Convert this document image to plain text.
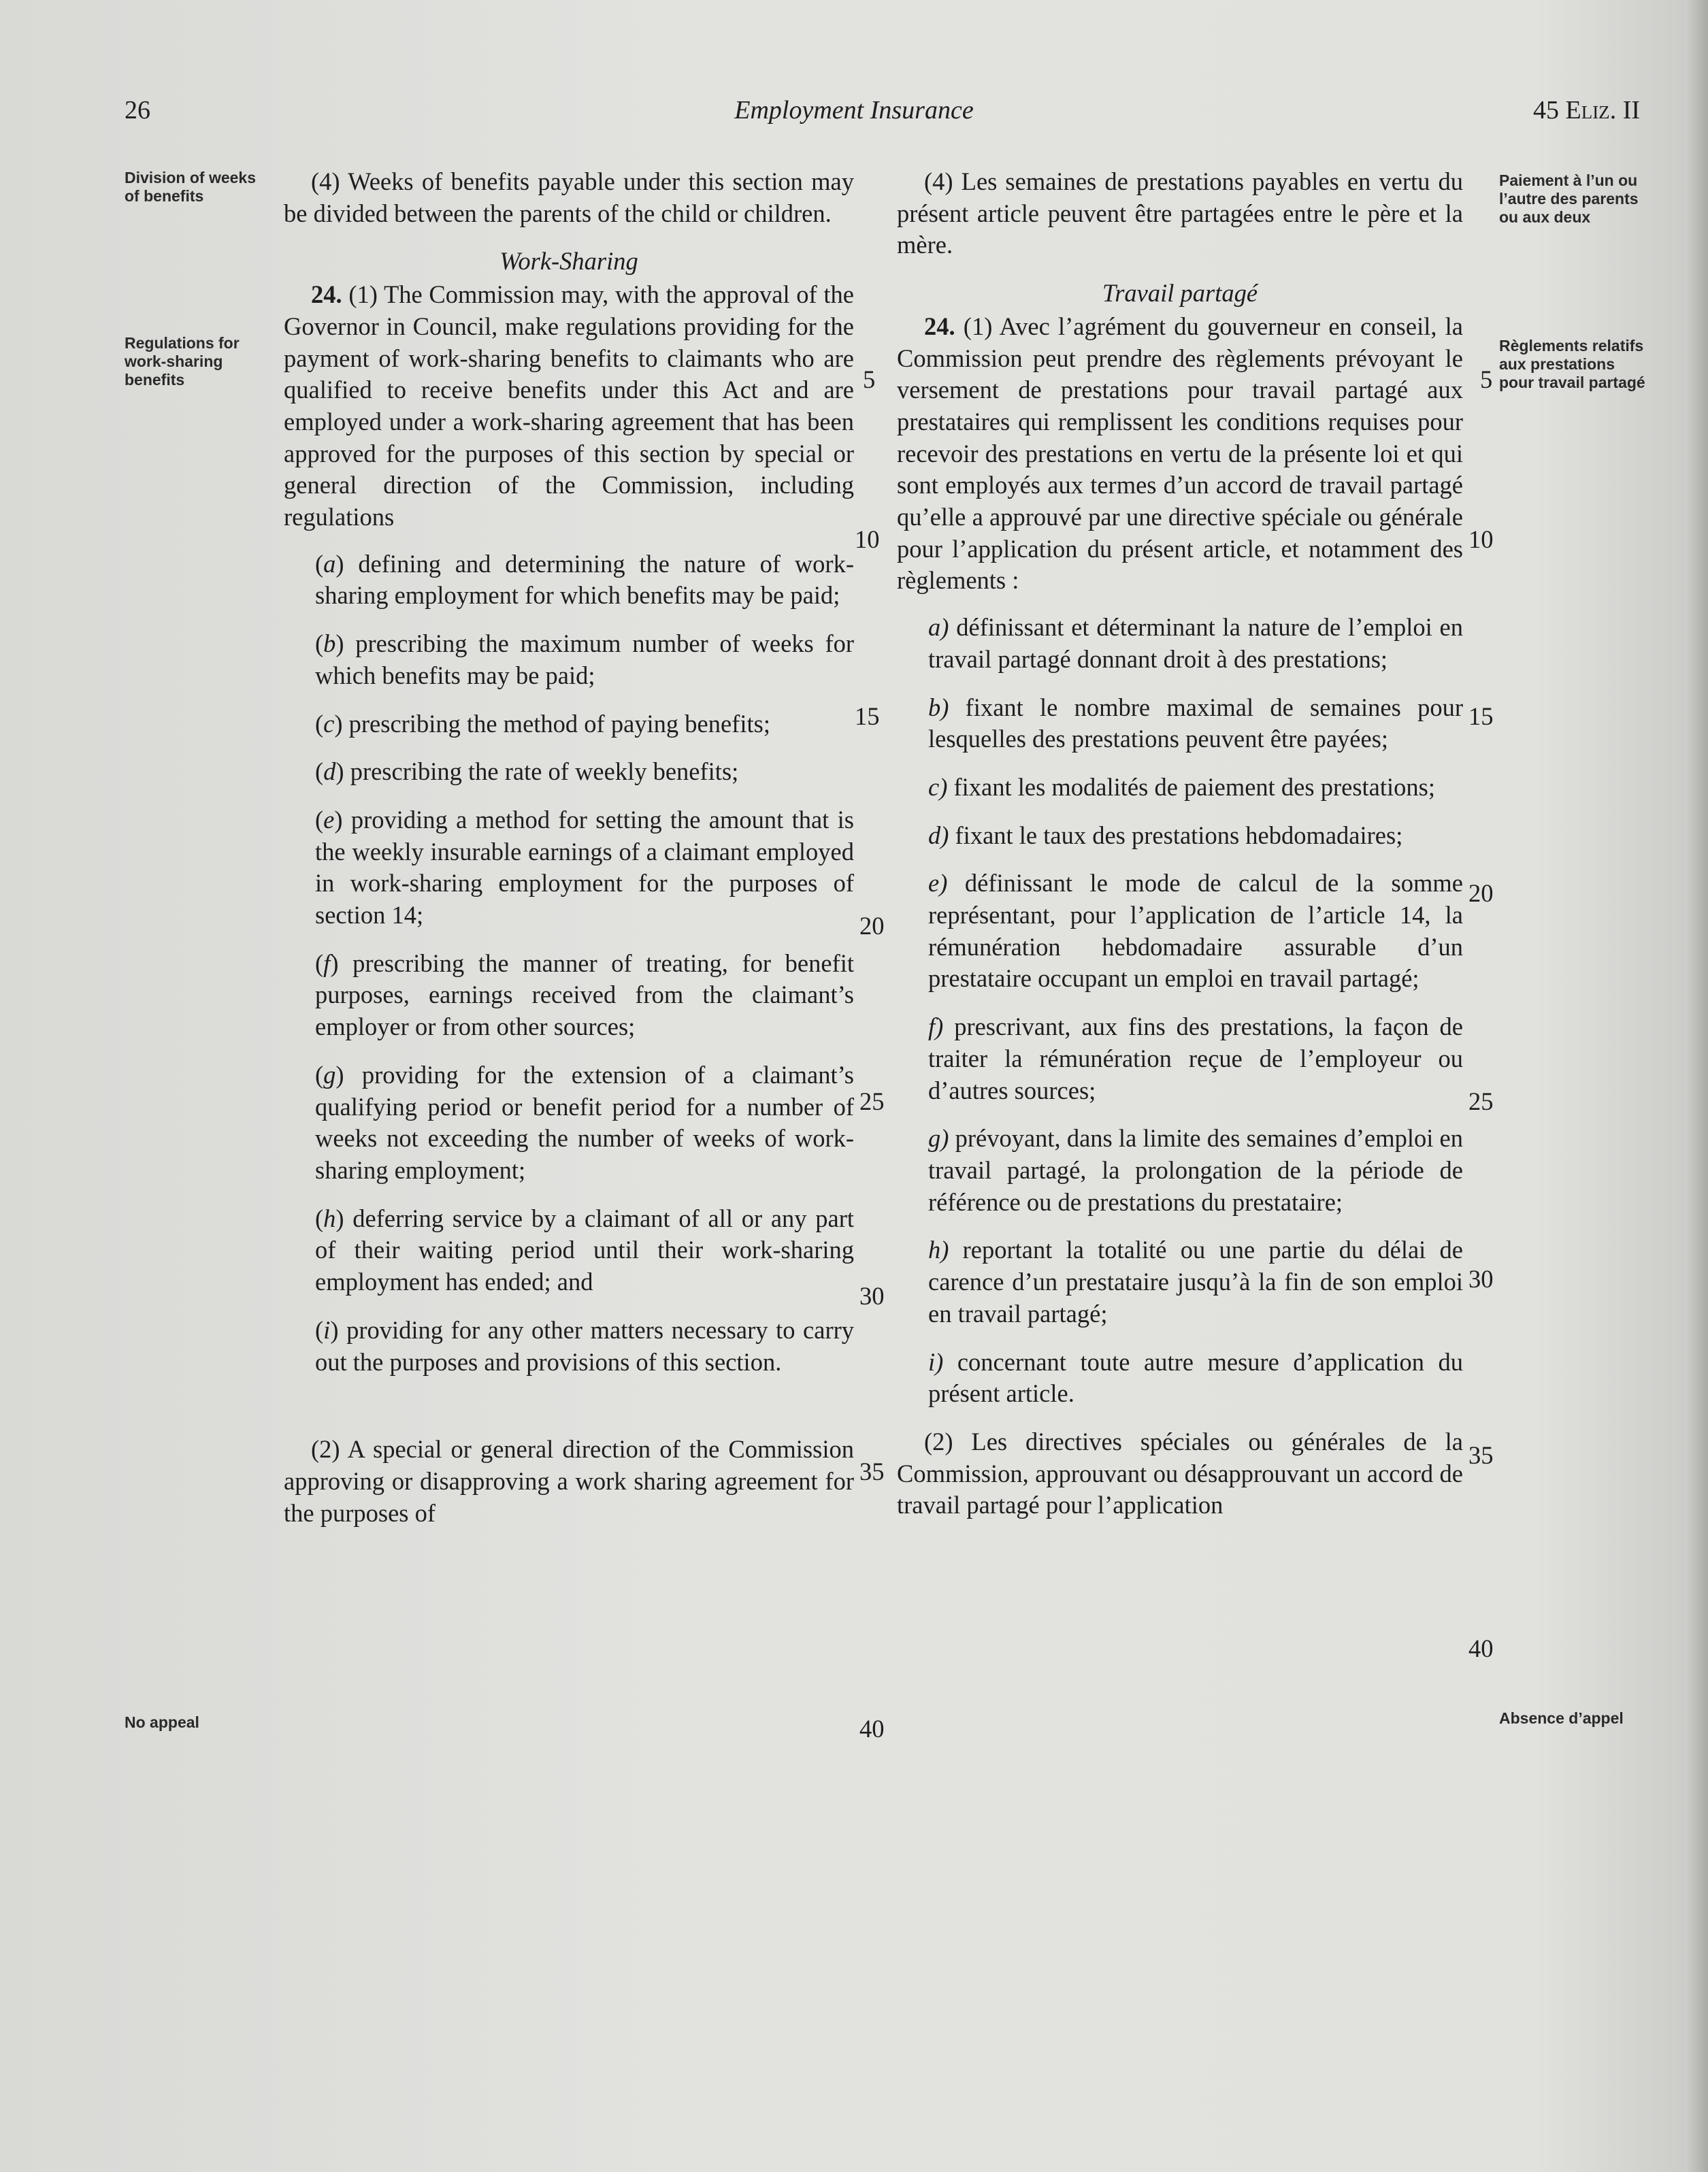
26	Employment Insurance	45 Eliz. II
Division of weeks of benefits
Regulations for work-sharing benefits
No appeal
Paiement à l’un ou l’autre des parents ou aux deux
Règlements relatifs aux prestations pour travail partagé
Absence d’appel

(4) Weeks of benefits payable under this section may be divided between the parents of the child or children.

Work-Sharing

24. (1) The Commission may, with the approval of the Governor in Council, make regulations providing for the payment of work-sharing benefits to claimants who are qualified to receive benefits under this Act and are employed under a work-sharing agreement that has been approved for the purposes of this section by special or general direction of the Commission, including regulations

(a) defining and determining the nature of work-sharing employment for which benefits may be paid;

(b) prescribing the maximum number of weeks for which benefits may be paid;

(c) prescribing the method of paying benefits;

(d) prescribing the rate of weekly benefits;

(e) providing a method for setting the amount that is the weekly insurable earnings of a claimant employed in work-sharing employment for the purposes of section 14;

(f) prescribing the manner of treating, for benefit purposes, earnings received from the claimant’s employer or from other sources;

(g) providing for the extension of a claimant’s qualifying period or benefit period for a number of weeks not exceeding the number of weeks of work-sharing employment;

(h) deferring service by a claimant of all or any part of their waiting period until their work-sharing employment has ended; and

(i) providing for any other matters necessary to carry out the purposes and provisions of this section.

(2) A special or general direction of the Commission approving or disapproving a work sharing agreement for the purposes of

(4) Les semaines de prestations payables en vertu du présent article peuvent être partagées entre le père et la mère.

Travail partagé

24. (1) Avec l’agrément du gouverneur en conseil, la Commission peut prendre des règlements prévoyant le versement de prestations pour travail partagé aux prestataires qui remplissent les conditions requises pour recevoir des prestations en vertu de la présente loi et qui sont employés aux termes d’un accord de travail partagé qu’elle a approuvé par une directive spéciale ou générale pour l’application du présent article, et notamment des règlements :

a) définissant et déterminant la nature de l’emploi en travail partagé donnant droit à des prestations;

b) fixant le nombre maximal de semaines pour lesquelles des prestations peuvent être payées;

c) fixant les modalités de paiement des prestations;

d) fixant le taux des prestations hebdomadaires;

e) définissant le mode de calcul de la somme représentant, pour l’application de l’article 14, la rémunération hebdomadaire assurable d’un prestataire occupant un emploi en travail partagé;

f) prescrivant, aux fins des prestations, la façon de traiter la rémunération reçue de l’employeur ou d’autres sources;

g) prévoyant, dans la limite des semaines d’emploi en travail partagé, la prolongation de la période de référence ou de prestations du prestataire;

h) reportant la totalité ou une partie du délai de carence d’un prestataire jusqu’à la fin de son emploi en travail partagé;

i) concernant toute autre mesure d’application du présent article.

(2) Les directives spéciales ou générales de la Commission, approuvant ou désapprouvant un accord de travail partagé pour l’application

5
10
15
20
25
30
35
40
5
10
15
20
25
30
35
40
